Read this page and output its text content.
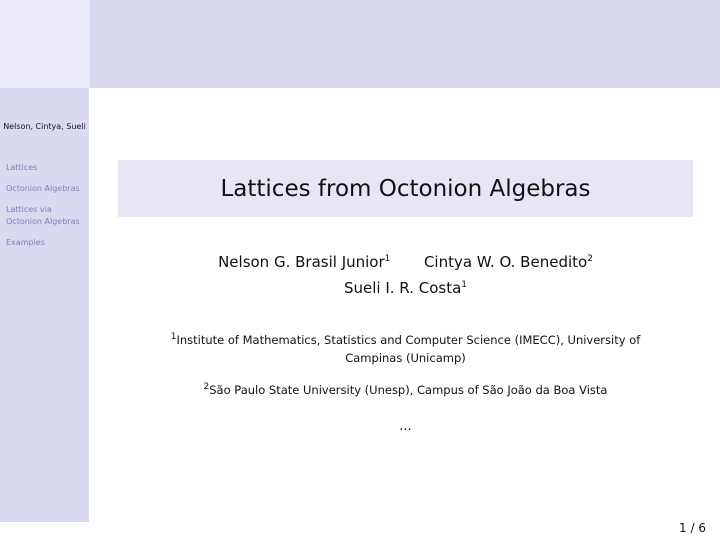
Nelson, Cintya, Sueli
Lattices
Octonion Algebras
Lattices via Octonion Algebras
Examples
Lattices from Octonion Algebras
Nelson G. Brasil Junior$^1$ Cintya W. O. Benedito$^2$
Sueli I. R. Costa$^1$
$^1$Institute of Mathematics, Statistics and Computer Science (IMECC), University of
Campinas (Unicamp)
$^2$São Paulo State University (Unesp), Campus of São João da Boa Vista
...
1 / 6
